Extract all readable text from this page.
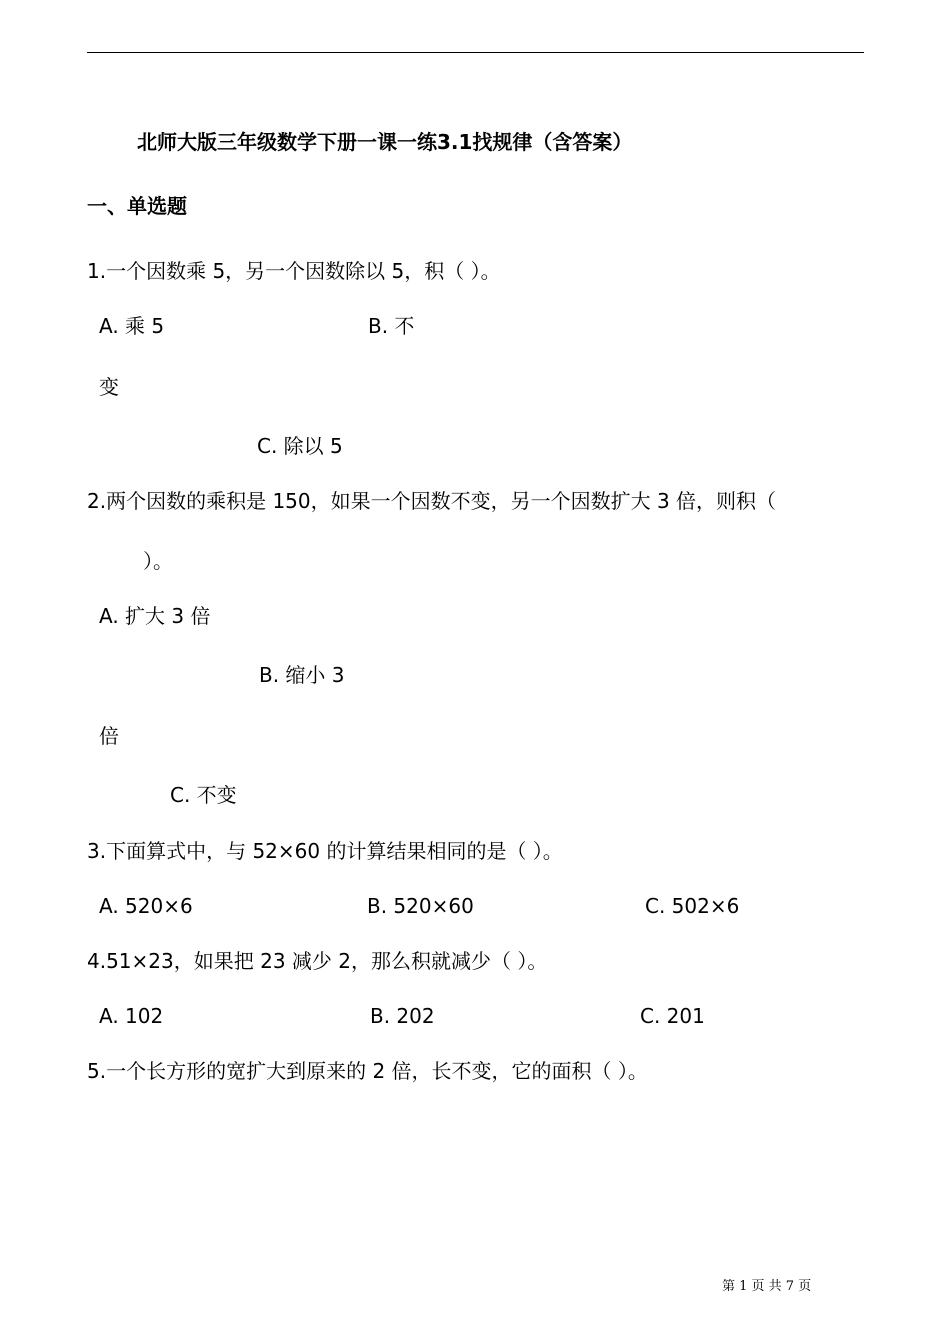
北师大版三年级数学下册一课一练3.1找规律（含答案）
一、单选题
1.一个因数乘 5，另一个因数除以 5，积（ ）。
A. 乘 5	B. 不
变
C. 除以 5
2.两个因数的乘积是 150，如果一个因数不变，另一个因数扩大 3 倍，则积（
）。
A. 扩大 3 倍
B. 缩小 3
倍
C. 不变
3.下面算式中，与 52×60 的计算结果相同的是（ ）。
A. 520×6	B. 520×60	C. 502×6
4.51×23，如果把 23 减少 2，那么积就减少（ ）。
A. 102	B. 202	C. 201
5.一个长方形的宽扩大到原来的 2 倍，长不变，它的面积（ ）。
第 1 页 共 7 页
